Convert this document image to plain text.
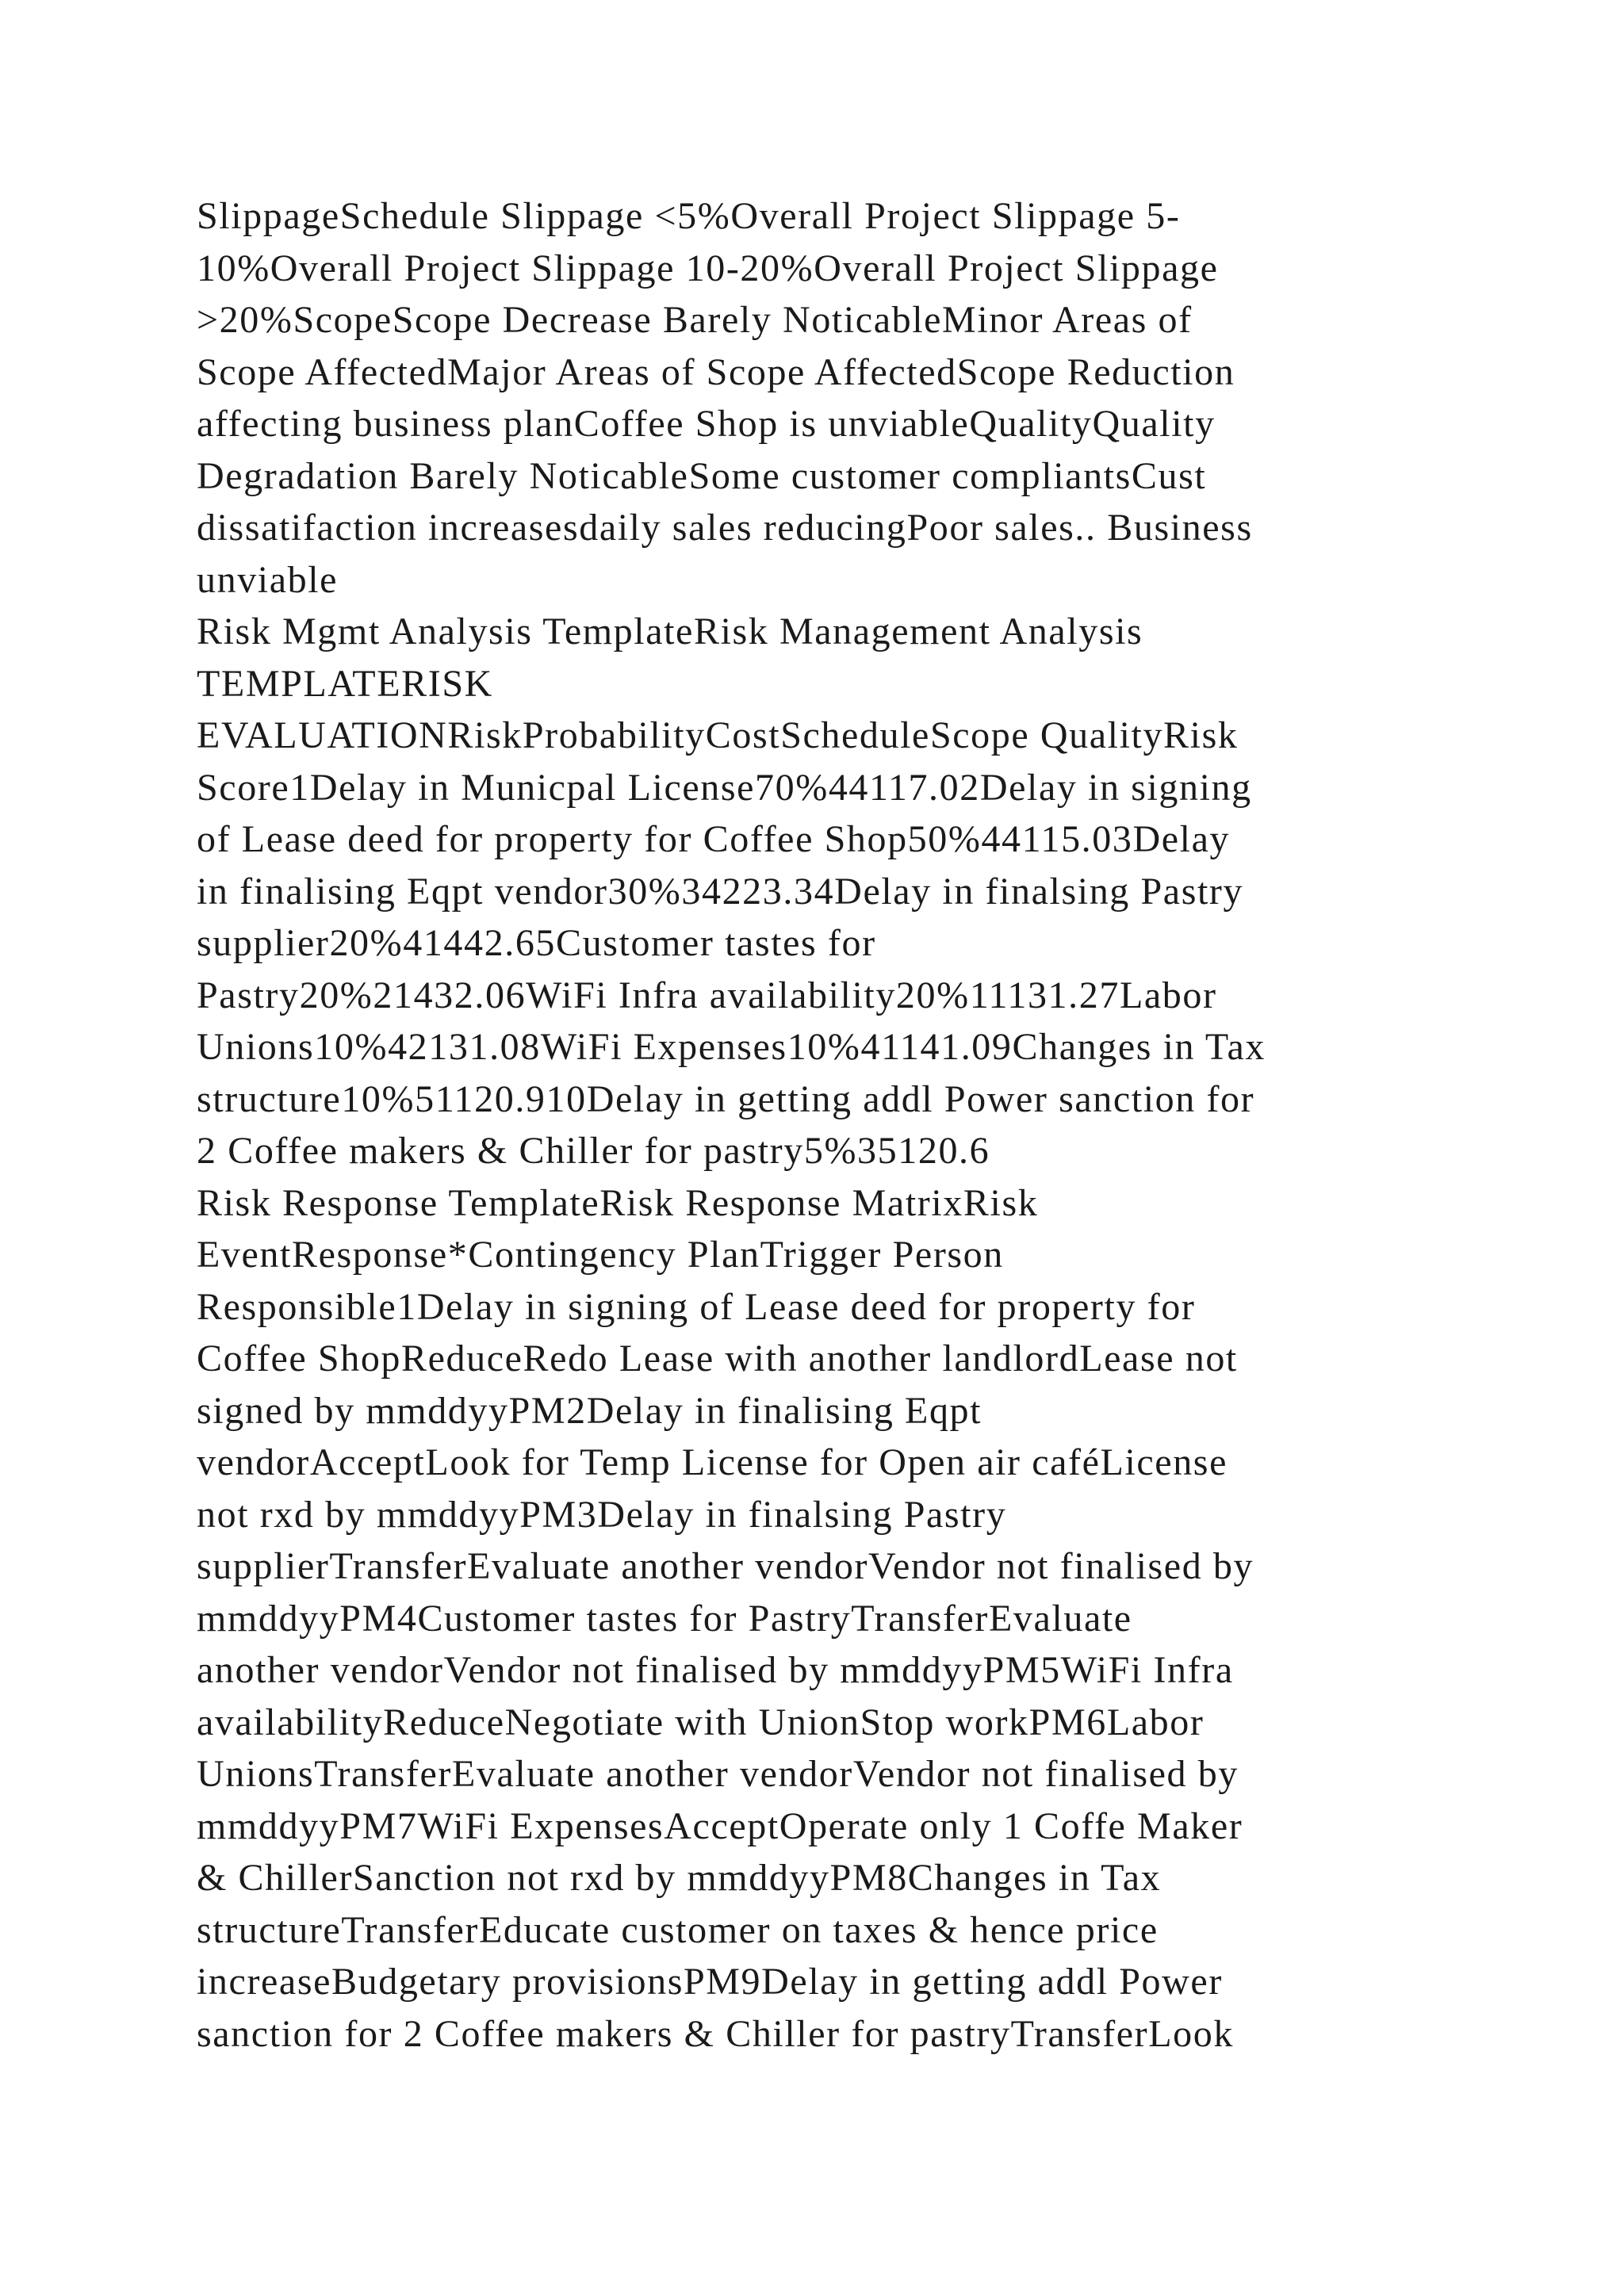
SlippageSchedule Slippage <5%Overall Project Slippage 5-
10%Overall Project Slippage 10-20%Overall Project Slippage
>20%ScopeScope Decrease Barely NoticableMinor Areas of
Scope AffectedMajor Areas of Scope AffectedScope Reduction
affecting business planCoffee Shop is unviableQualityQuality
Degradation Barely NoticableSome customer compliantsCust
dissatifaction increasesdaily sales reducingPoor sales.. Business
unviable
Risk Mgmt Analysis TemplateRisk Management Analysis
TEMPLATERISK
EVALUATIONRiskProbabilityCostScheduleScope QualityRisk
Score1Delay in Municpal License70%44117.02Delay in signing
of Lease deed for property for Coffee Shop50%44115.03Delay
in finalising Eqpt vendor30%34223.34Delay in finalsing Pastry
supplier20%41442.65Customer tastes for
Pastry20%21432.06WiFi Infra availability20%11131.27Labor
Unions10%42131.08WiFi Expenses10%41141.09Changes in Tax
structure10%51120.910Delay in getting addl Power sanction for
2 Coffee makers & Chiller for pastry5%35120.6
Risk Response TemplateRisk Response MatrixRisk
EventResponse*Contingency PlanTrigger Person
Responsible1Delay in signing of Lease deed for property for
Coffee ShopReduceRedo Lease with another landlordLease not
signed by mmddyyPM2Delay in finalising Eqpt
vendorAcceptLook for Temp License for Open air caféLicense
not rxd by mmddyyPM3Delay in finalsing Pastry
supplierTransferEvaluate another vendorVendor not finalised by
mmddyyPM4Customer tastes for PastryTransferEvaluate
another vendorVendor not finalised by mmddyyPM5WiFi Infra
availabilityReduceNegotiate with UnionStop workPM6Labor
UnionsTransferEvaluate another vendorVendor not finalised by
mmddyyPM7WiFi ExpensesAcceptOperate only 1 Coffe Maker
& ChillerSanction not rxd by mmddyyPM8Changes in Tax
structureTransferEducate customer on taxes & hence price
increaseBudgetary provisionsPM9Delay in getting addl Power
sanction for 2 Coffee makers & Chiller for pastryTransferLook
